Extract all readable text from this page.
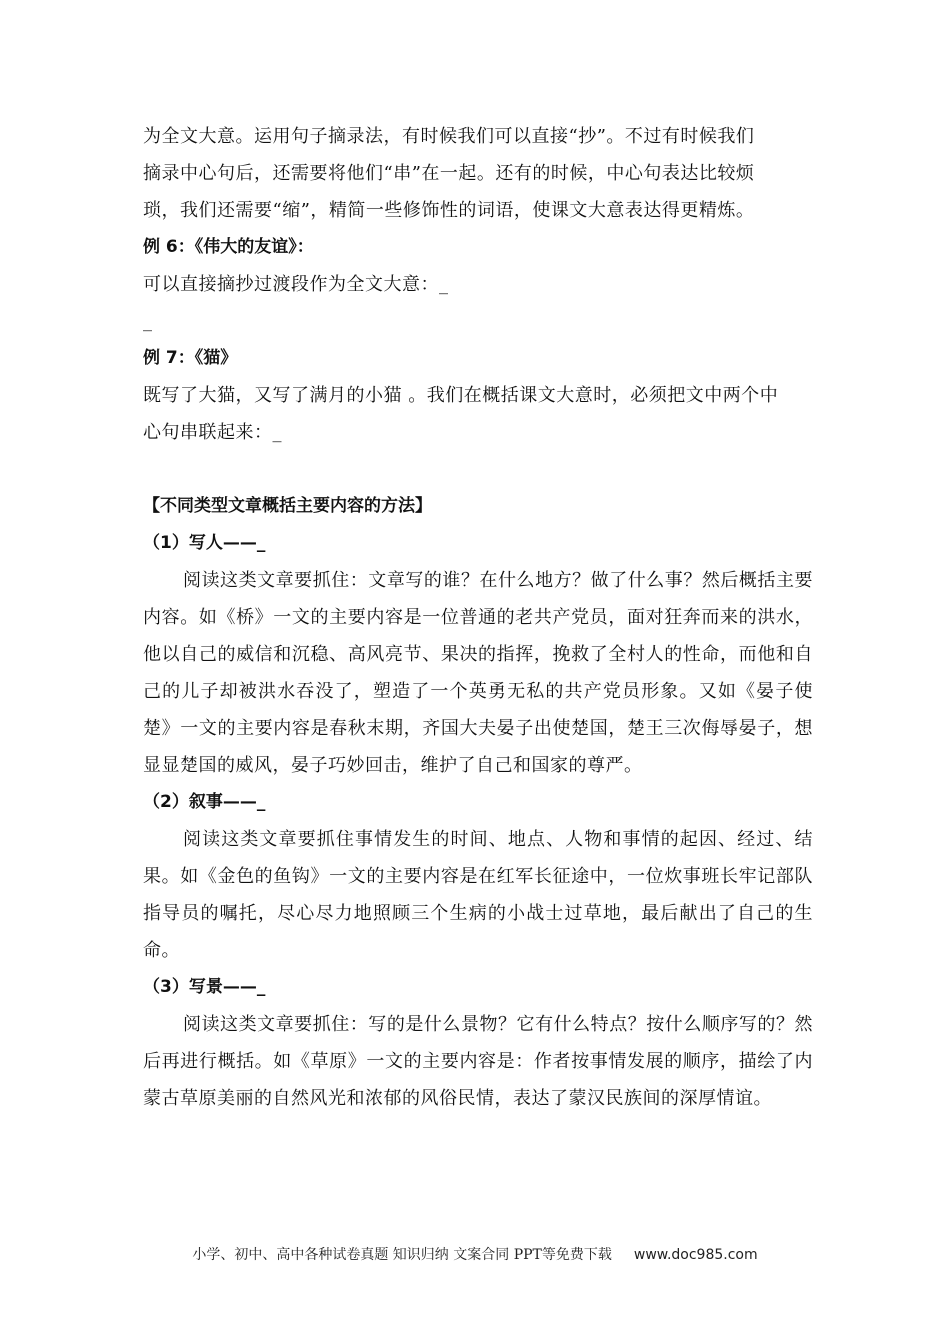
为全文大意。运用句子摘录法，有时候我们可以直接“抄”。不过有时候我们

摘录中心句后，还需要将他们“串”在一起。还有的时候，中心句表达比较烦

琐，我们还需要“缩”，精简一些修饰性的词语，使课文大意表达得更精炼。

例 6：《伟大的友谊》：

可以直接摘抄过渡段作为全文大意：_

_

例 7：《猫》

既写了大猫，又写了满月的小猫 。我们在概括课文大意时，必须把文中两个中

心句串联起来：_

【不同类型文章概括主要内容的方法】

（1）写人——_

阅读这类文章要抓住：文章写的谁？在什么地方？做了什么事？然后概括主要内容。如《桥》一文的主要内容是一位普通的老共产党员，面对狂奔而来的洪水，他以自己的威信和沉稳、高风亮节、果决的指挥，挽救了全村人的性命，而他和自己的儿子却被洪水吞没了，塑造了一个英勇无私的共产党员形象。又如《晏子使楚》一文的主要内容是春秋末期，齐国大夫晏子出使楚国，楚王三次侮辱晏子，想显显楚国的威风，晏子巧妙回击，维护了自己和国家的尊严。

（2）叙事——_

阅读这类文章要抓住事情发生的时间、地点、人物和事情的起因、经过、结果。如《金色的鱼钩》一文的主要内容是在红军长征途中，一位炊事班长牢记部队指导员的嘱托，尽心尽力地照顾三个生病的小战士过草地，最后献出了自己的生命。

（3）写景——_

阅读这类文章要抓住：写的是什么景物？它有什么特点？按什么顺序写的？然后再进行概括。如《草原》一文的主要内容是：作者按事情发展的顺序，描绘了内蒙古草原美丽的自然风光和浓郁的风俗民情，表达了蒙汉民族间的深厚情谊。

小学、初中、高中各种试卷真题 知识归纳 文案合同 PPT等免费下载 www.doc985.com
